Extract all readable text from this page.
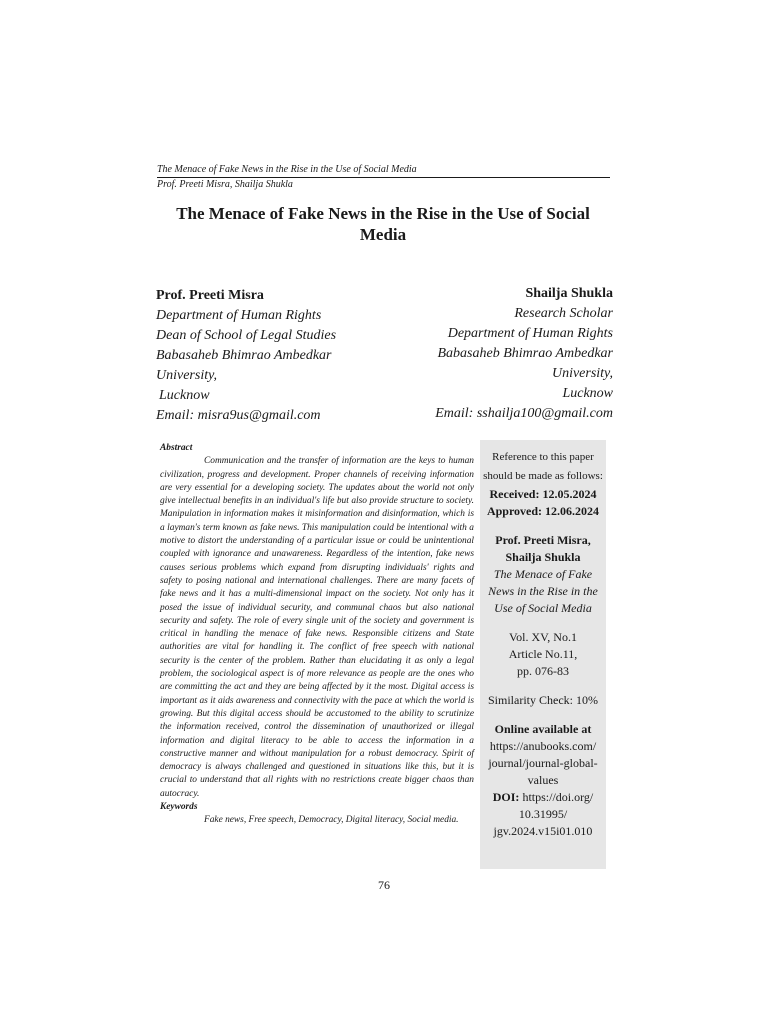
The Menace of Fake News in the Rise in the Use of Social Media
Prof. Preeti Misra, Shailja Shukla
The Menace of Fake News in the Rise in the Use of Social Media
Prof. Preeti Misra
Department of Human Rights
Dean of School of Legal Studies
Babasaheb Bhimrao Ambedkar University,
Lucknow
Email: misra9us@gmail.com
Shailja Shukla
Research Scholar
Department of Human Rights
Babasaheb Bhimrao Ambedkar University,
Lucknow
Email: sshailja100@gmail.com
Abstract
Communication and the transfer of information are the keys to human civilization, progress and development. Proper channels of receiving information are very essential for a developing society. The updates about the world not only give intellectual benefits in an individual's life but also provide structure to society. Manipulation in information makes it misinformation and disinformation, which is a layman's term known as fake news. This manipulation could be intentional with a motive to distort the understanding of a particular issue or could be unintentional coupled with ignorance and unawareness. Regardless of the intention, fake news causes serious problems which expand from disrupting individuals' rights and safety to posing national and international challenges. There are many facets of fake news and it has a multi-dimensional impact on the society. Not only has it posed the issue of individual security, and communal chaos but also national security and safety. The role of every single unit of the society and government is critical in handling the menace of fake news. Responsible citizens and State authorities are vital for handling it. The conflict of free speech with national security is the center of the problem. Rather than elucidating it as only a legal problem, the sociological aspect is of more relevance as people are the ones who are committing the act and they are being affected by it the most. Digital access is important as it aids awareness and connectivity with the pace at which the world is growing. But this digital access should be accustomed to the ability to scrutinize the information received, control the dissemination of unauthorized or illegal information and digital literacy to be able to access the information in a constructive manner and without manipulation for a robust democracy. Spirit of democracy is always challenged and questioned in situations like this, but it is crucial to understand that all rights with no restrictions create bigger chaos than autocracy.
Keywords
Fake news, Free speech, Democracy, Digital literacy, Social media.
Reference to this paper should be made as follows:
Received: 12.05.2024
Approved: 12.06.2024
Prof. Preeti Misra, Shailja Shukla
The Menace of Fake News in the Rise in the Use of Social Media
Vol. XV, No.1
Article No.11,
pp. 076-83
Similarity Check: 10%
Online available at
https://anubooks.com/ journal/journal-global-values
DOI: https://doi.org/ 10.31995/ jgv.2024.v15i01.010
76
